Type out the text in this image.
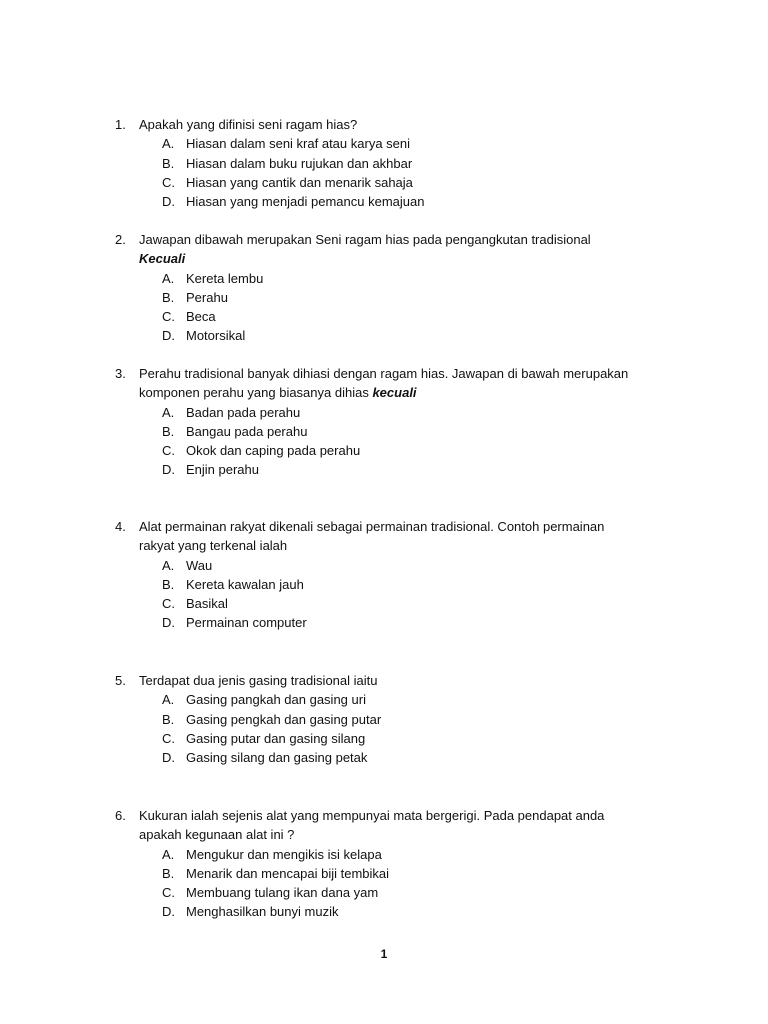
1.	Apakah yang difinisi seni ragam hias?
A. Hiasan dalam seni kraf atau karya seni
B. Hiasan dalam buku rujukan dan akhbar
C. Hiasan yang cantik dan menarik sahaja
D. Hiasan yang menjadi pemancu kemajuan
2.	Jawapan dibawah merupakan Seni ragam hias pada pengangkutan tradisional
Kecuali
A. Kereta lembu
B. Perahu
C. Beca
D. Motorsikal
3.	Perahu tradisional banyak dihiasi dengan ragam hias. Jawapan di bawah merupakan
komponen perahu yang biasanya dihias kecuali
A. Badan pada perahu
B. Bangau pada perahu
C. Okok dan caping pada perahu
D. Enjin perahu
4.	Alat permainan rakyat dikenali sebagai permainan tradisional. Contoh permainan
rakyat yang terkenal ialah
A. Wau
B. Kereta kawalan jauh
C. Basikal
D. Permainan computer
5.	Terdapat dua jenis gasing tradisional iaitu
A. Gasing pangkah dan gasing uri
B. Gasing pengkah dan gasing putar
C. Gasing putar dan gasing silang
D. Gasing silang dan gasing petak
6.	Kukuran ialah sejenis alat yang mempunyai mata bergerigi. Pada pendapat anda
apakah kegunaan alat ini ?
A. Mengukur dan mengikis isi kelapa
B. Menarik dan mencapai biji tembikai
C. Membuang tulang ikan dana yam
D. Menghasilkan bunyi muzik
1
